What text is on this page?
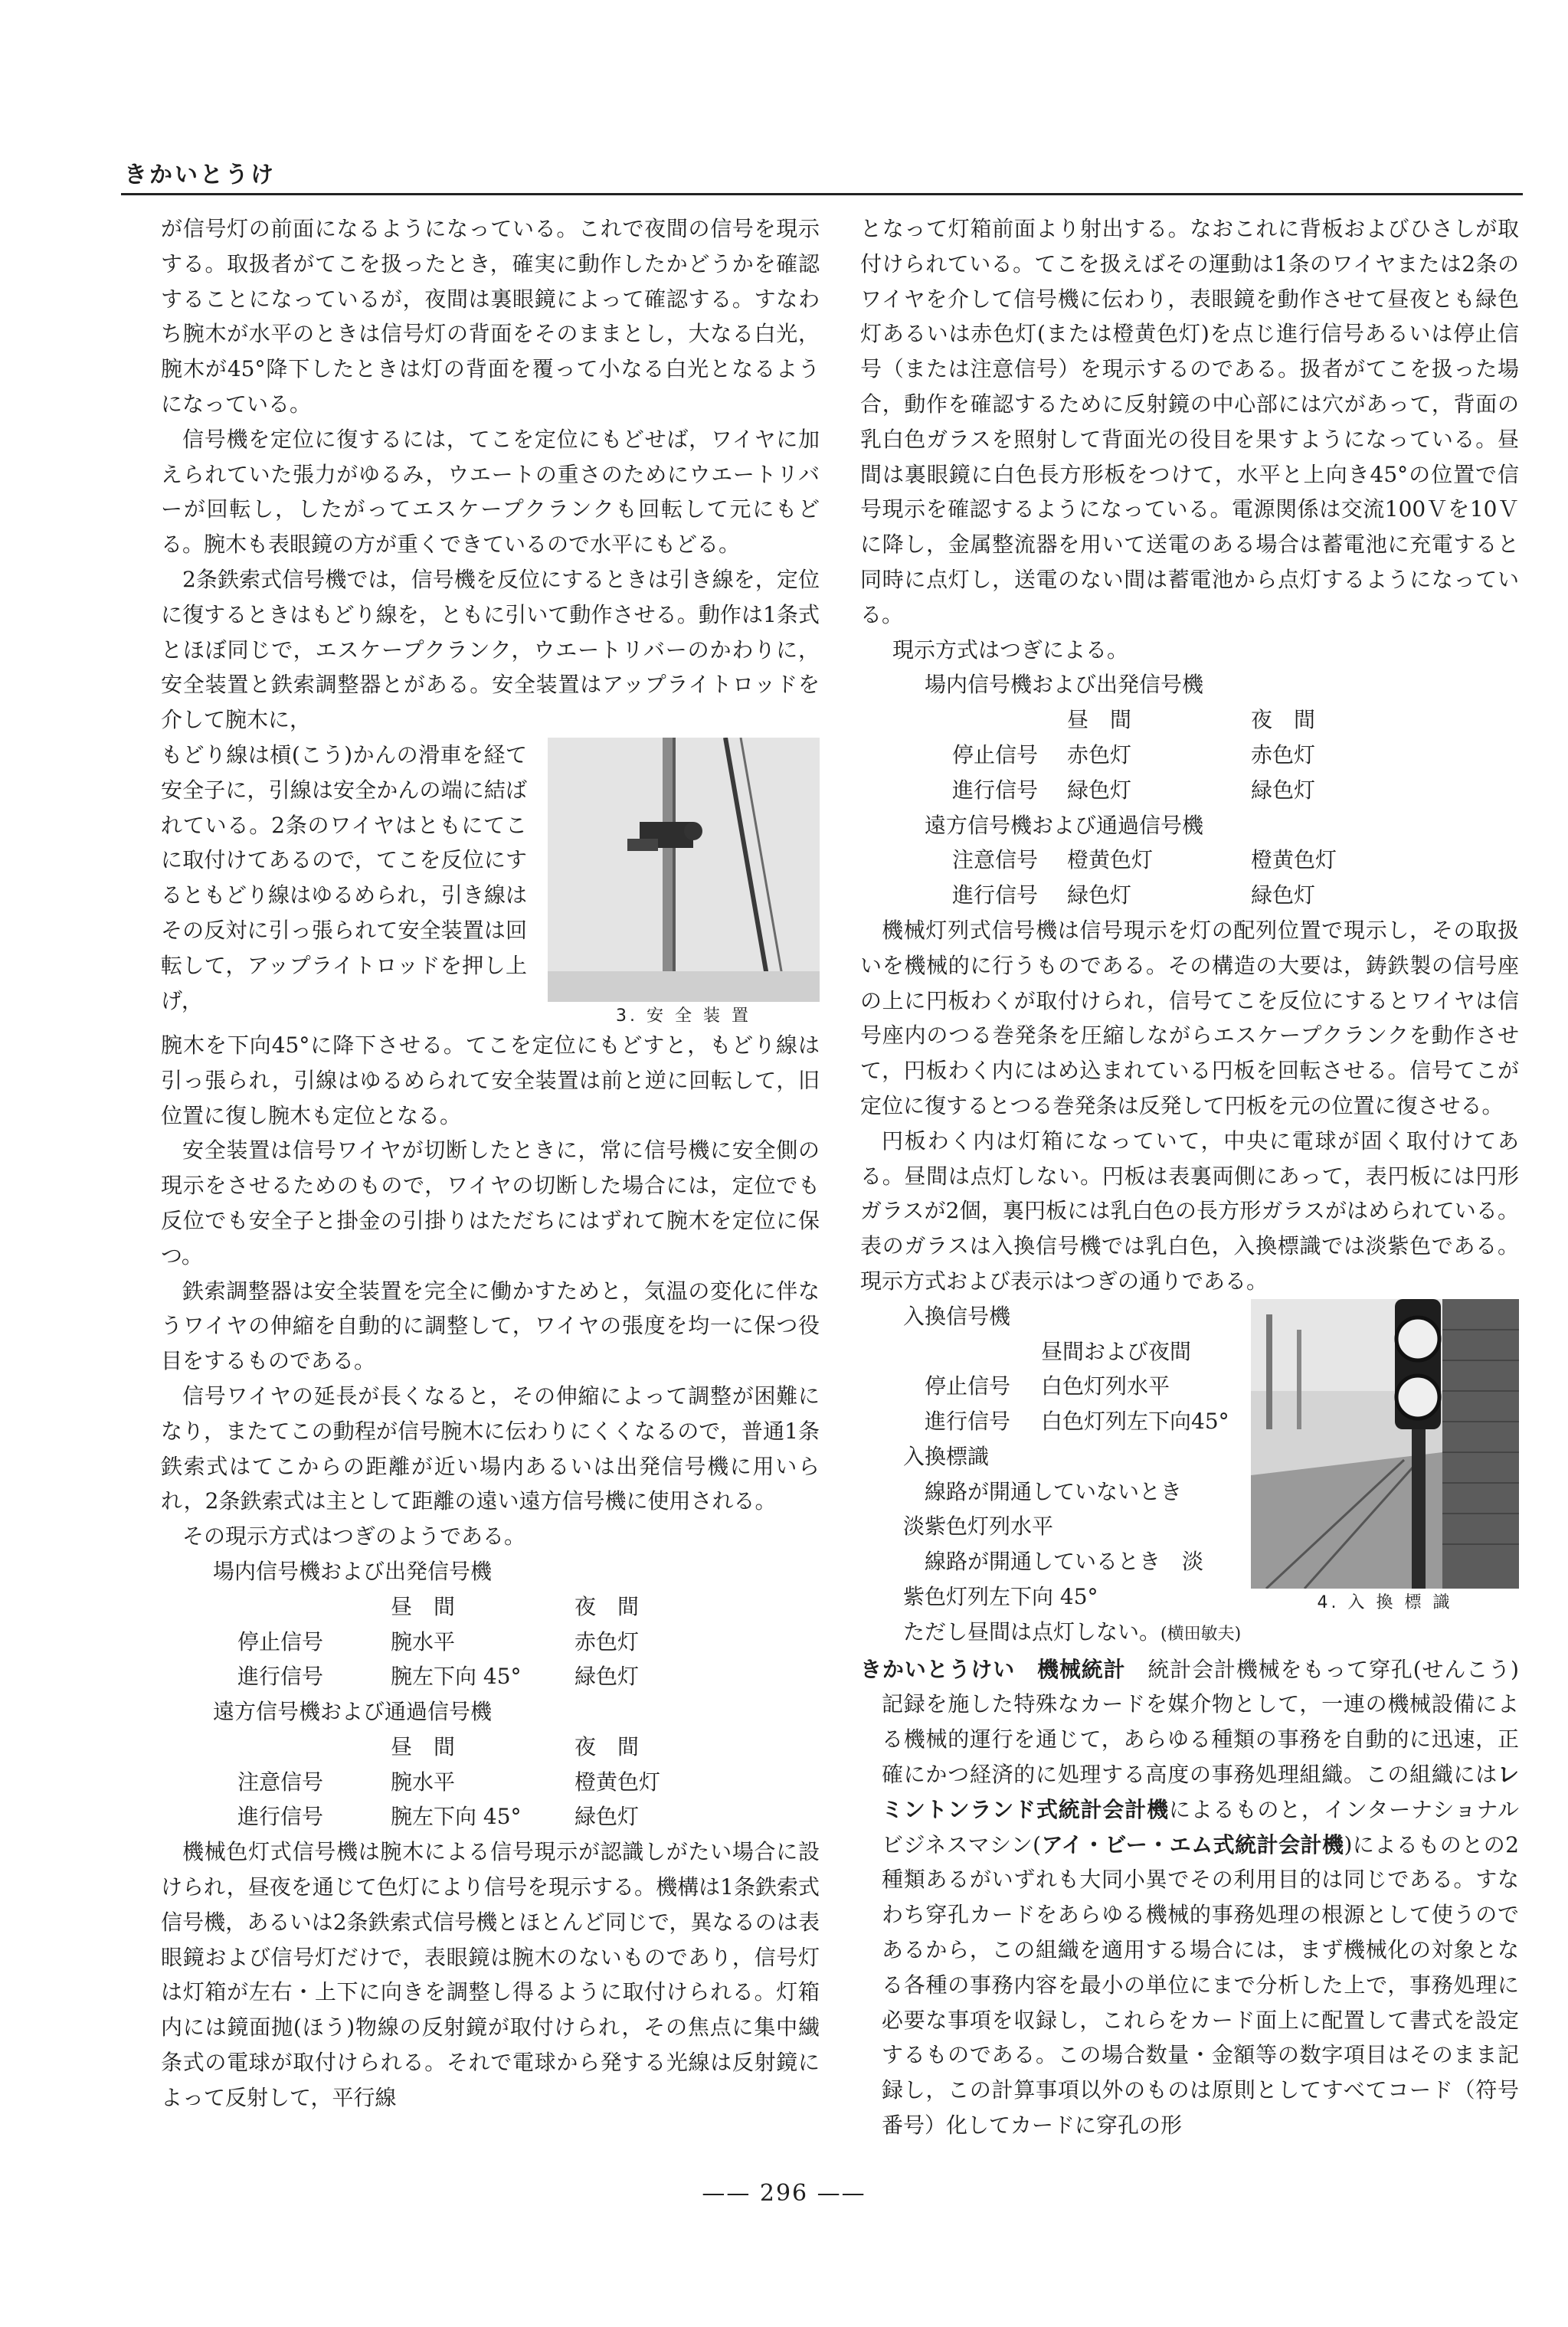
きかいとうけ

が信号灯の前面になるようになっている。これで夜間の信号を現示する。取扱者がてこを扱ったとき，確実に動作したかどうかを確認することになっているが，夜間は裏眼鏡によって確認する。すなわち腕木が水平のときは信号灯の背面をそのままとし，大なる白光，腕木が45°降下したときは灯の背面を覆って小なる白光となるようになっている。

信号機を定位に復するには，てこを定位にもどせば，ワイヤに加えられていた張力がゆるみ，ウエートの重さのためにウエートリバーが回転し，したがってエスケープクランクも回転して元にもどる。腕木も表眼鏡の方が重くできているので水平にもどる。

2条鉄索式信号機では，信号機を反位にするときは引き線を，定位に復するときはもどり線を，ともに引いて動作させる。動作は1条式とほぼ同じで，エスケープクランク，ウエートリバーのかわりに，安全装置と鉄索調整器とがある。安全装置はアップライトロッドを介して腕木に，

もどり線は槓(こう)かんの滑車を経て安全子に，引線は安全かんの端に結ばれている。2条のワイヤはともにてこに取付けてあるので，てこを反位にするともどり線はゆるめられ，引き線はその反対に引っ張られて安全装置は回転して，アップライトロッドを押し上げ，

3. 安 全 装 置

腕木を下向45°に降下させる。てこを定位にもどすと，もどり線は引っ張られ，引線はゆるめられて安全装置は前と逆に回転して，旧位置に復し腕木も定位となる。

安全装置は信号ワイヤが切断したときに，常に信号機に安全側の現示をさせるためのもので，ワイヤの切断した場合には，定位でも反位でも安全子と掛金の引掛りはただちにはずれて腕木を定位に保つ。

鉄索調整器は安全装置を完全に働かすためと，気温の変化に伴なうワイヤの伸縮を自動的に調整して，ワイヤの張度を均一に保つ役目をするものである。

信号ワイヤの延長が長くなると，その伸縮によって調整が困難になり，またてこの動程が信号腕木に伝わりにくくなるので，普通1条鉄索式はてこからの距離が近い場内あるいは出発信号機に用いられ，2条鉄索式は主として距離の遠い遠方信号機に使用される。

その現示方式はつぎのようである。

場内信号機および出発信号機		
	昼　間	夜　間
停止信号	腕水平	赤色灯
進行信号	腕左下向 45°	緑色灯
遠方信号機および通過信号機		
	昼　間	夜　間
注意信号	腕水平	橙黄色灯
進行信号	腕左下向 45°	緑色灯

機械色灯式信号機は腕木による信号現示が認識しがたい場合に設けられ，昼夜を通じて色灯により信号を現示する。機構は1条鉄索式信号機，あるいは2条鉄索式信号機とほとんど同じで，異なるのは表眼鏡および信号灯だけで，表眼鏡は腕木のないものであり，信号灯は灯箱が左右・上下に向きを調整し得るように取付けられる。灯箱内には鏡面抛(ほう)物線の反射鏡が取付けられ，その焦点に集中繊条式の電球が取付けられる。それで電球から発する光線は反射鏡によって反射して，平行線

となって灯箱前面より射出する。なおこれに背板およびひさしが取付けられている。てこを扱えばその運動は1条のワイヤまたは2条のワイヤを介して信号機に伝わり，表眼鏡を動作させて昼夜とも緑色灯あるいは赤色灯(または橙黄色灯)を点じ進行信号あるいは停止信号（または注意信号）を現示するのである。扱者がてこを扱った場合，動作を確認するために反射鏡の中心部には穴があって，背面の乳白色ガラスを照射して背面光の役目を果すようになっている。昼間は裏眼鏡に白色長方形板をつけて，水平と上向き45°の位置で信号現示を確認するようになっている。電源関係は交流100Ｖを10Ｖに降し，金属整流器を用いて送電のある場合は蓄電池に充電すると同時に点灯し，送電のない間は蓄電池から点灯するようになっている。

現示方式はつぎによる。

場内信号機および出発信号機		
	昼　間	夜　間
停止信号	赤色灯	赤色灯
進行信号	緑色灯	緑色灯
遠方信号機および通過信号機		
注意信号	橙黄色灯	橙黄色灯
進行信号	緑色灯	緑色灯

機械灯列式信号機は信号現示を灯の配列位置で現示し，その取扱いを機械的に行うものである。その構造の大要は，鋳鉄製の信号座の上に円板わくが取付けられ，信号てこを反位にするとワイヤは信号座内のつる巻発条を圧縮しながらエスケープクランクを動作させて，円板わく内にはめ込まれている円板を回転させる。信号てこが定位に復するとつる巻発条は反発して円板を元の位置に復させる。

円板わく内は灯箱になっていて，中央に電球が固く取付けてある。昼間は点灯しない。円板は表裏両側にあって，表円板には円形ガラスが2個，裏円板には乳白色の長方形ガラスがはめられている。表のガラスは入換信号機では乳白色，入換標識では淡紫色である。現示方式および表示はつぎの通りである。

入換信号機
昼間および夜間
停止信号	白色灯列水平
進行信号	白色灯列左下向45°
入換標識
線路が開通していないとき
淡紫色灯列水平
線路が開通しているとき　淡
紫色灯列左下向 45°	4. 入 換 標 識

ただし昼間は点灯しない。(横田敏夫)

きかいとうけい　 機械統計　 統計会計機械をもって穿孔(せんこう)記録を施した特殊なカードを媒介物として，一連の機械設備による機械的運行を通じて，あらゆる種類の事務を自動的に迅速，正確にかつ経済的に処理する高度の事務処理組織。この組織にはレミントンランド式統計会計機によるものと，インターナショナルビジネスマシン(アイ・ビー・エム式統計会計機)によるものとの2種類あるがいずれも大同小異でその利用目的は同じである。すなわち穿孔カードをあらゆる機械的事務処理の根源として使うのであるから，この組織を適用する場合には，まず機械化の対象となる各種の事務内容を最小の単位にまで分析した上で，事務処理に必要な事項を収録し，これらをカード面上に配置して書式を設定するものである。この場合数量・金額等の数字項目はそのまま記録し，この計算事項以外のものは原則としてすべてコード（符号番号）化してカードに穿孔の形

—— 296 ——
